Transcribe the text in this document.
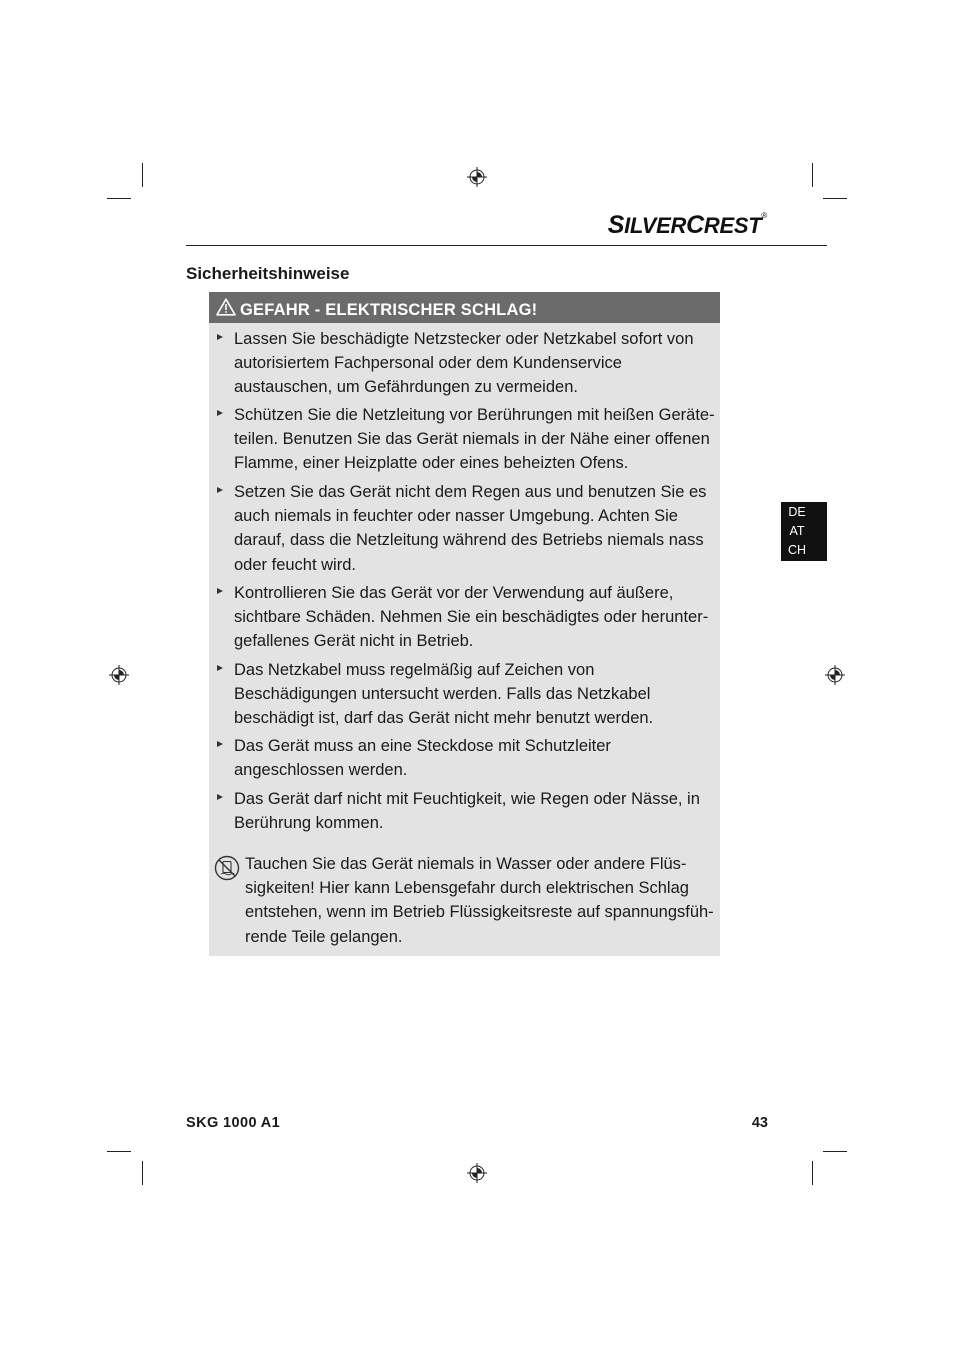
SILVERCREST®
Sicherheitshinweise
GEFAHR - ELEKTRISCHER SCHLAG!
Lassen Sie beschädigte Netzstecker oder Netzkabel sofort von autorisiertem Fachpersonal oder dem Kundenservice austauschen, um Gefährdungen zu vermeiden.
Schützen Sie die Netzleitung vor Berührungen mit heißen Geräte-teilen. Benutzen Sie das Gerät niemals in der Nähe einer offenen Flamme, einer Heizplatte oder eines beheizten Ofens.
Setzen Sie das Gerät nicht dem Regen aus und benutzen Sie es auch niemals in feuchter oder nasser Umgebung. Achten Sie darauf, dass die Netzleitung während des Betriebs niemals nass oder feucht wird.
Kontrollieren Sie das Gerät vor der Verwendung auf äußere, sichtbare Schäden. Nehmen Sie ein beschädigtes oder herunter-gefallenes Gerät nicht in Betrieb.
Das Netzkabel muss regelmäßig auf Zeichen von Beschädigungen untersucht werden. Falls das Netzkabel beschädigt ist, darf das Gerät nicht mehr benutzt werden.
Das Gerät muss an eine Steckdose mit Schutzleiter angeschlossen werden.
Das Gerät darf nicht mit Feuchtigkeit, wie Regen oder Nässe, in Berührung kommen.
Tauchen Sie das Gerät niemals in Wasser oder andere Flüs-sigkeiten! Hier kann Lebensgefahr durch elektrischen Schlag entstehen, wenn im Betrieb Flüssigkeitsreste auf spannungsfüh-rende Teile gelangen.
DE
AT
CH
SKG 1000 A1	43
